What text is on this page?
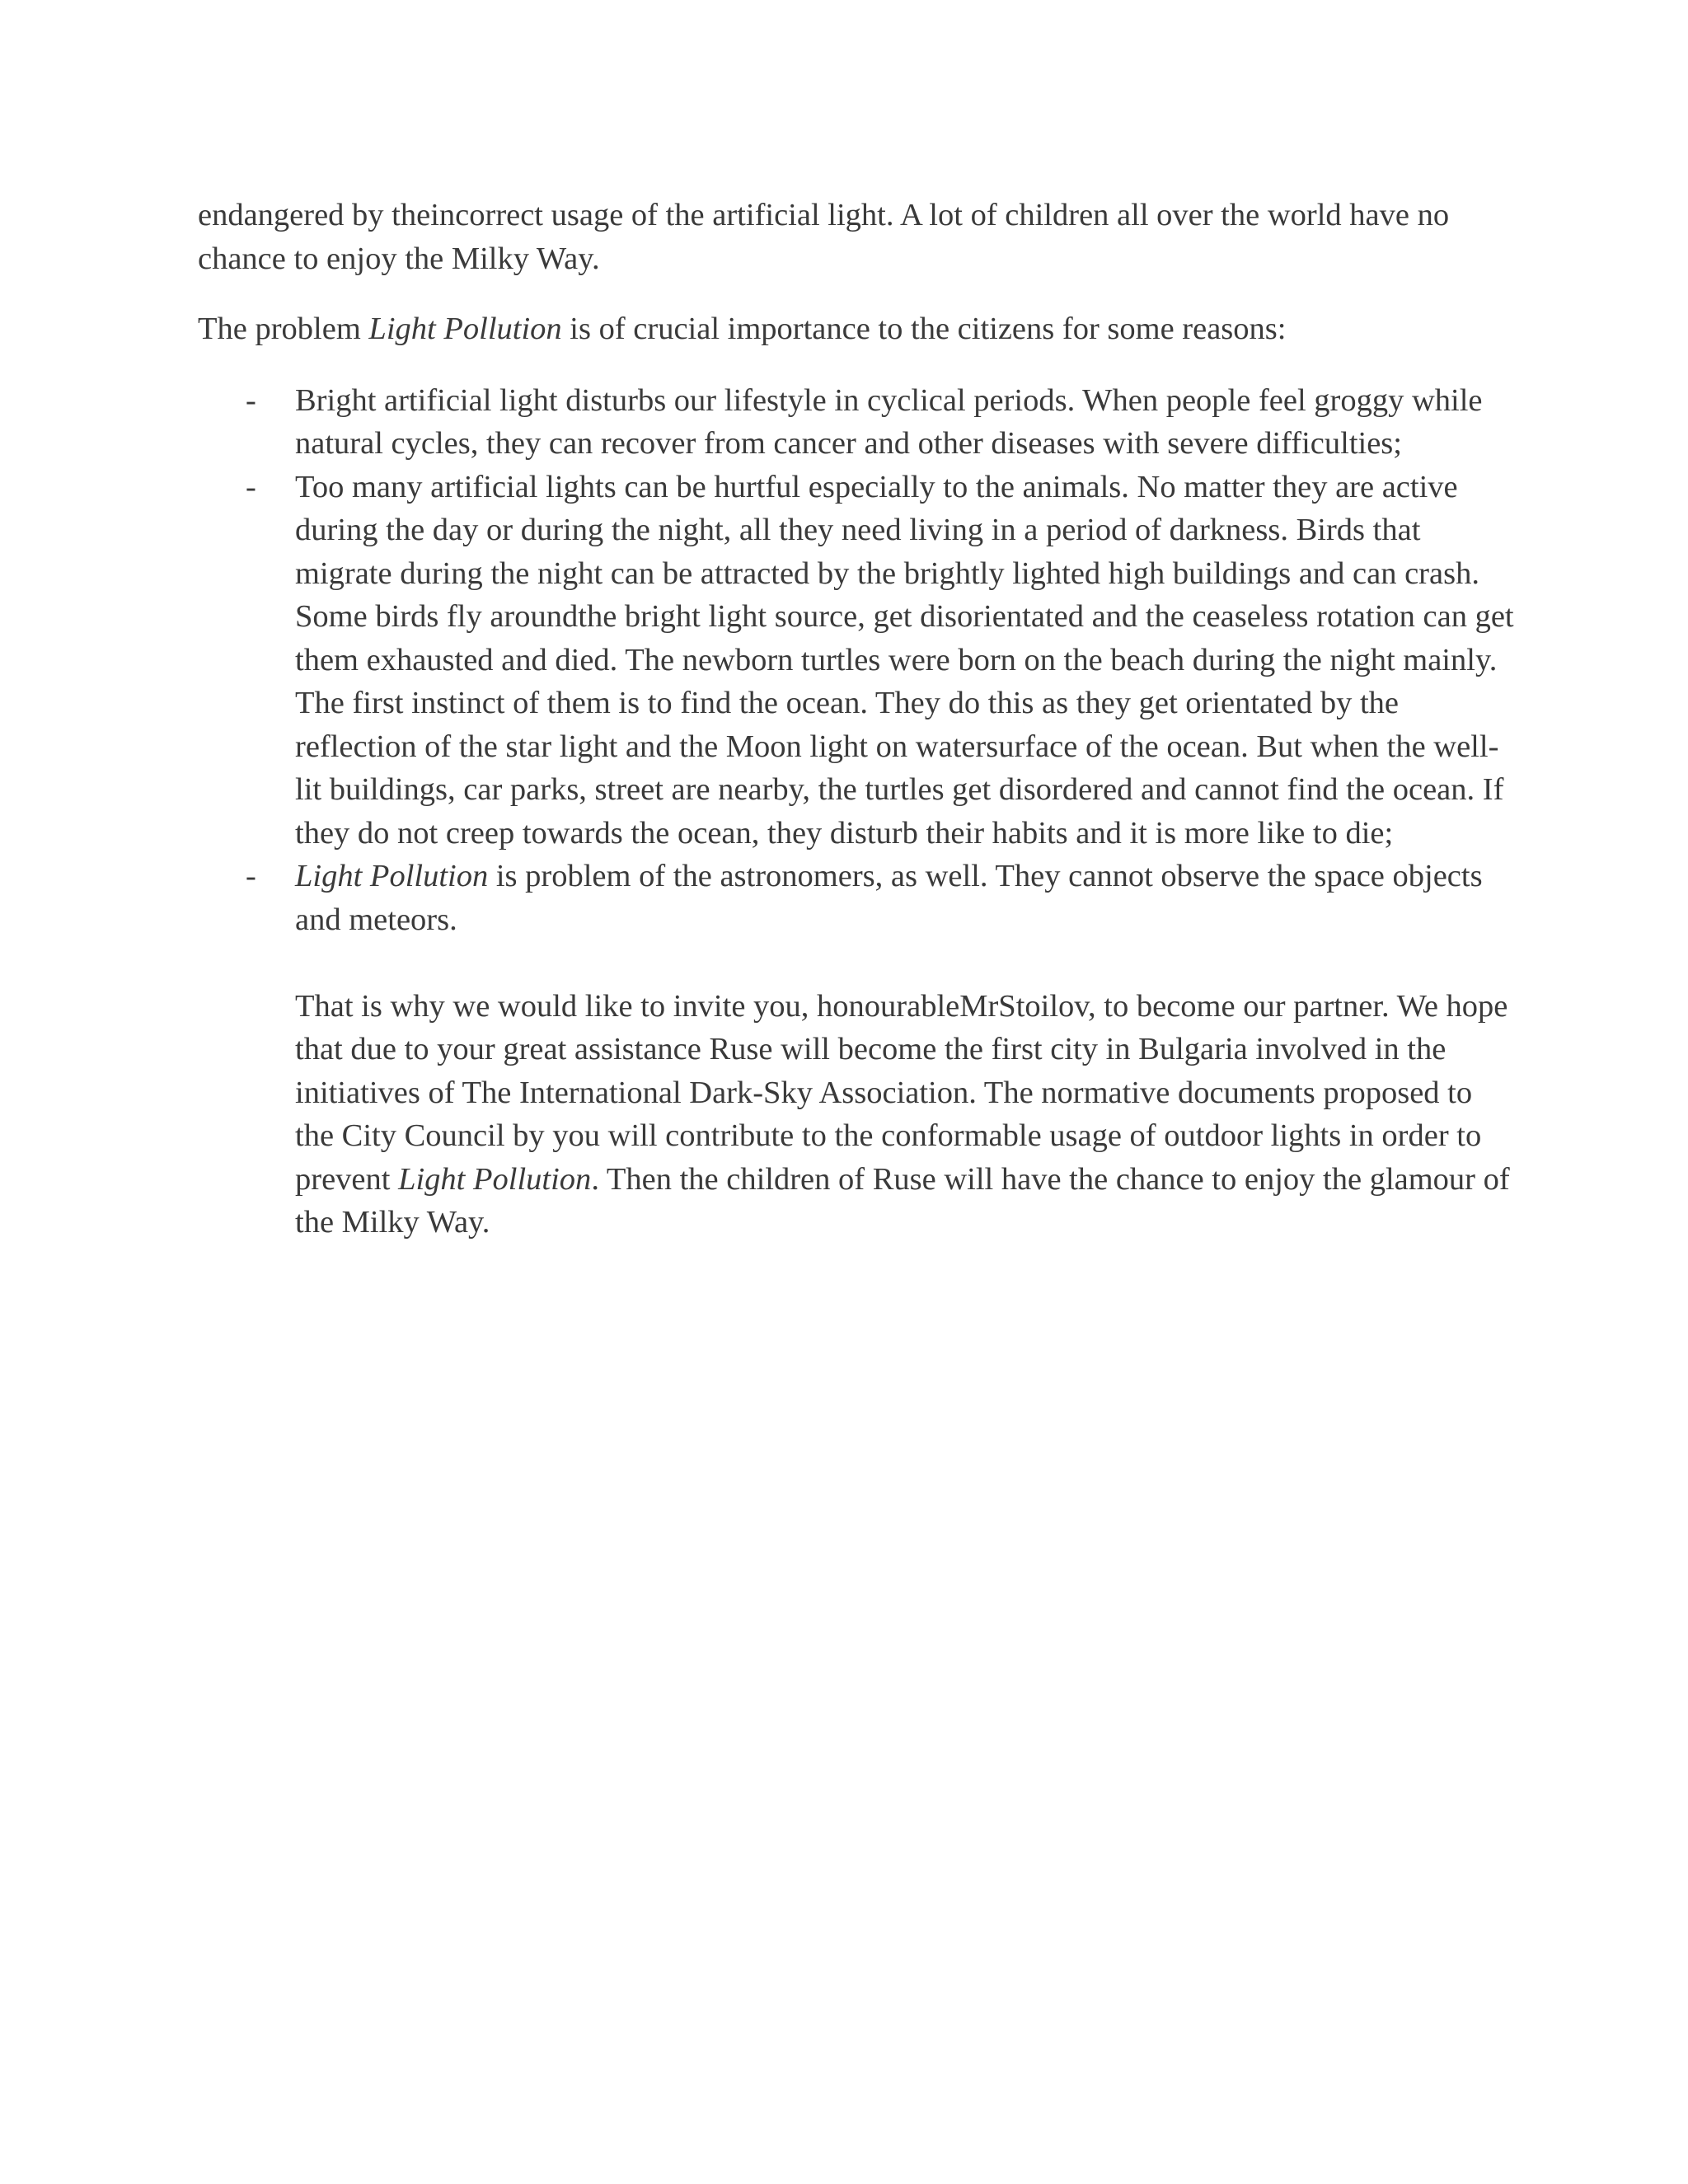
endangered by theincorrect usage of the artificial light. A lot of children all over the world have no chance to enjoy the Milky Way.

The problem Light Pollution is of crucial importance to the citizens for some reasons:

- Bright artificial light disturbs our lifestyle in cyclical periods. When people feel groggy while natural cycles, they can recover from cancer and other diseases with severe difficulties;
- Too many artificial lights can be hurtful especially to the animals. No matter they are active during the day or during the night, all they need living in a period of darkness. Birds that migrate during the night can be attracted by the brightly lighted high buildings and can crash. Some birds fly aroundthe bright light source, get disorientated and the ceaseless rotation can get them exhausted and died. The newborn turtles were born on the beach during the night mainly. The first instinct of them is to find the ocean. They do this as they get orientated by the reflection of the star light and the Moon light on watersurface of the ocean. But when the well-lit buildings, car parks, street are nearby, the turtles get disordered and cannot find the ocean. If they do not creep towards the ocean, they disturb their habits and it is more like to die;
- Light Pollution is problem of the astronomers, as well. They cannot observe the space objects and meteors.

That is why we would like to invite you, honourableMrStoilov, to become our partner. We hope that due to your great assistance Ruse will become the first city in Bulgaria involved in the initiatives of The International Dark-Sky Association. The normative documents proposed to the City Council by you will contribute to the conformable usage of outdoor lights in order to prevent Light Pollution. Then the children of Ruse will have the chance to enjoy the glamour of the Milky Way.
